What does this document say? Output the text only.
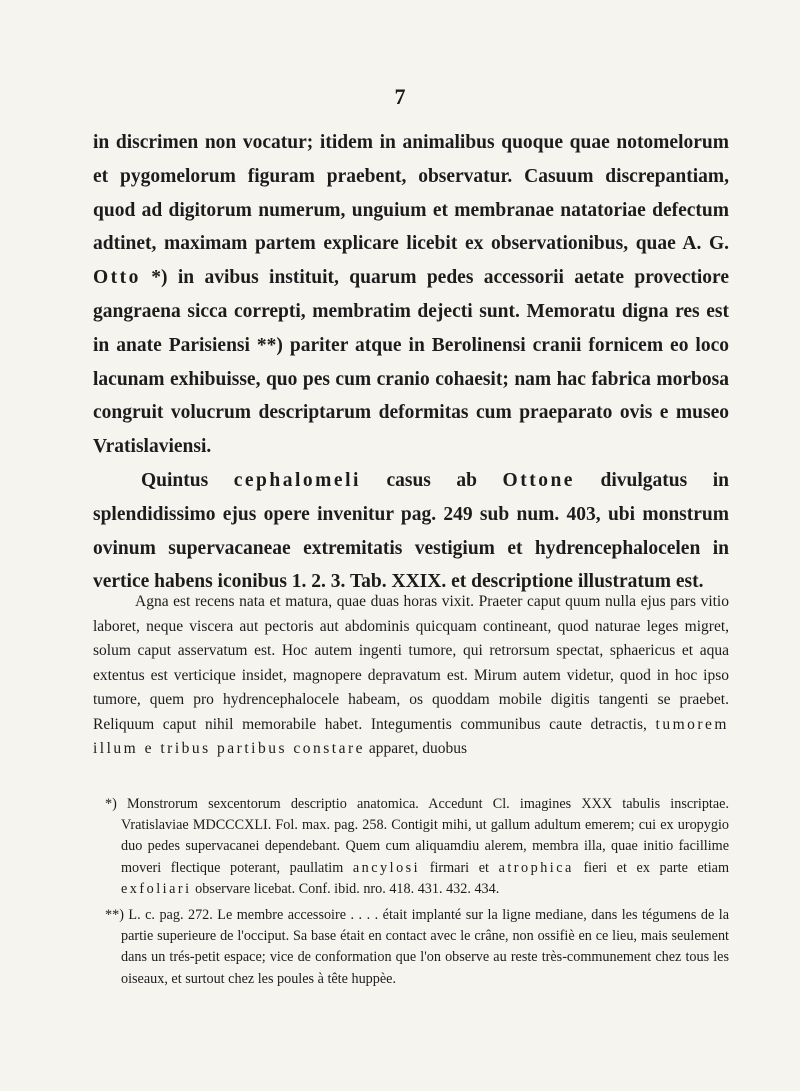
7

in discrimen non vocatur; itidem in animalibus quoque quae notomelorum et pygomelorum figuram praebent, observatur. Casuum discrepantiam, quod ad digitorum numerum, unguium et membranae natatoriae defectum adtinet, maximam partem explicare licebit ex observationibus, quae A. G. Otto *) in avibus instituit, quarum pedes accessorii aetate provectiore gangraena sicca correpti, membratim dejecti sunt. Memoratu digna res est in anate Parisiensi **) pariter atque in Berolinensi cranii fornicem eo loco lacunam exhibuisse, quo pes cum cranio cohaesit; nam hac fabrica morbosa congruit volucrum descriptarum deformitas cum praeparato ovis e museo Vratislaviensi.

Quintus cephalomeli casus ab Ottone divulgatus in splendidissimo ejus opere invenitur pag. 249 sub num. 403, ubi monstrum ovinum supervacaneae extremitatis vestigium et hydrencephalocelen in vertice habens iconibus 1. 2. 3. Tab. XXIX. et descriptione illustratum est.

Agna est recens nata et matura, quae duas horas vixit. Praeter caput quum nulla ejus pars vitio laboret, neque viscera aut pectoris aut abdominis quicquam contineant, quod naturae leges migret, solum caput asservatum est. Hoc autem ingenti tumore, qui retrorsum spectat, sphaericus et aqua extentus est verticique insidet, magnopere depravatum est. Mirum autem videtur, quod in hoc ipso tumore, quem pro hydrencephalocele habeam, os quoddam mobile digitis tangenti se praebet. Reliquum caput nihil memorabile habet. Integumentis communibus caute detractis, tumorem illum e tribus partibus constare apparet, duobus

*) Monstrorum sexcentorum descriptio anatomica. Accedunt Cl. imagines XXX tabulis inscriptae. Vratislaviae MDCCCXLI. Fol. max. pag. 258. Contigit mihi, ut gallum adultum emerem; cui ex uropygio duo pedes supervacanei dependebant. Quem cum aliquamdiu alerem, membra illa, quae initio facillime moveri flectique poterant, paullatim ancylosi firmari et atrophica fieri et ex parte etiam exfoliari observare licebat. Conf. ibid. nro. 418. 431. 432. 434.

**) L. c. pag. 272. Le membre accessoire . . . . était implanté sur la ligne mediane, dans les tégumens de la partie superieure de l'occiput. Sa base était en contact avec le crâne, non ossifiè en ce lieu, mais seulement dans un trés-petit espace; vice de conformation que l'on observe au reste très-communement chez tous les oiseaux, et surtout chez les poules à tête huppèe.
